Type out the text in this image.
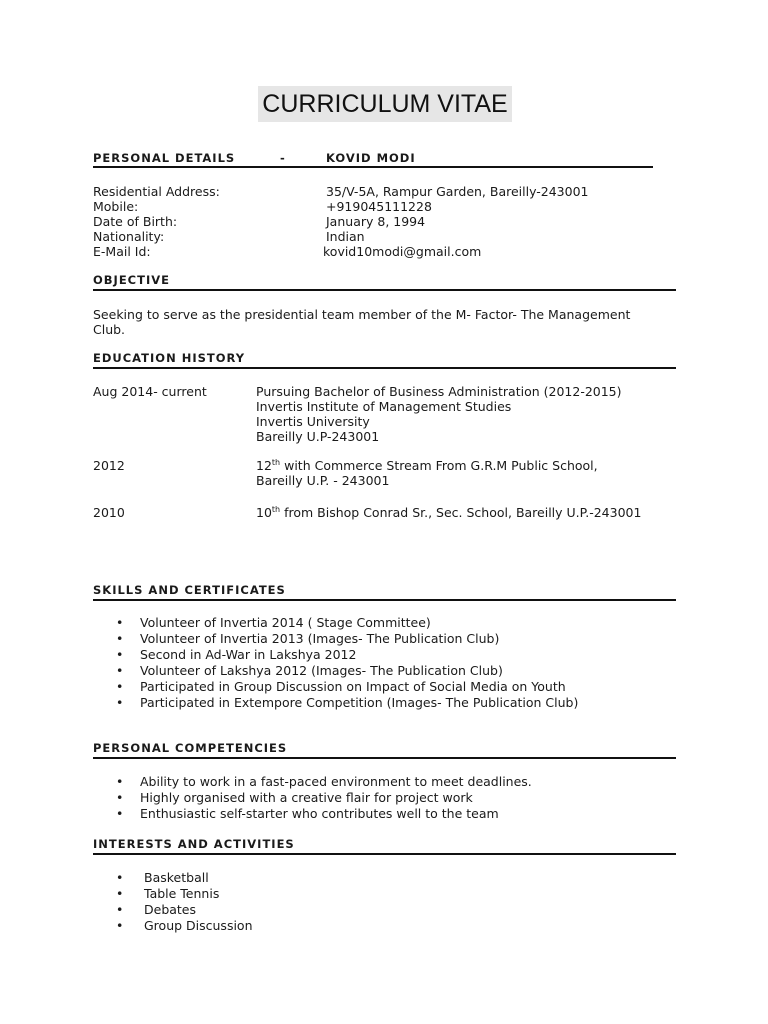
CURRICULUM VITAE
PERSONAL DETAILS	-	KOVID MODI
Residential Address:	35/V-5A, Rampur Garden, Bareilly-243001
Mobile:	+919045111228
Date of Birth:	January 8, 1994
Nationality:	Indian
E-Mail Id:	kovid10modi@gmail.com
OBJECTIVE
Seeking to serve as the presidential team member of the M- Factor- The Management
Club.
EDUCATION HISTORY
Aug 2014- current	Pursuing Bachelor of Business Administration (2012-2015)
Invertis Institute of Management Studies
Invertis University
Bareilly U.P-243001
2012	12th with Commerce Stream From G.R.M Public School,
Bareilly U.P. - 243001
2010	10th from Bishop Conrad Sr., Sec. School, Bareilly U.P.-243001
SKILLS AND CERTIFICATES
• Volunteer of Invertia 2014 ( Stage Committee)

• Volunteer of Invertia 2013 (Images- The Publication Club)

• Second in Ad-War in Lakshya 2012

• Volunteer of Lakshya 2012 (Images- The Publication Club)

• Participated in Group Discussion on Impact of Social Media on Youth

• Participated in Extempore Competition (Images- The Publication Club)

PERSONAL COMPETENCIES
• Ability to work in a fast-paced environment to meet deadlines.

• Highly organised with a creative flair for project work

• Enthusiastic self-starter who contributes well to the team

INTERESTS AND ACTIVITIES
• Basketball

• Table Tennis

• Debates

• Group Discussion
